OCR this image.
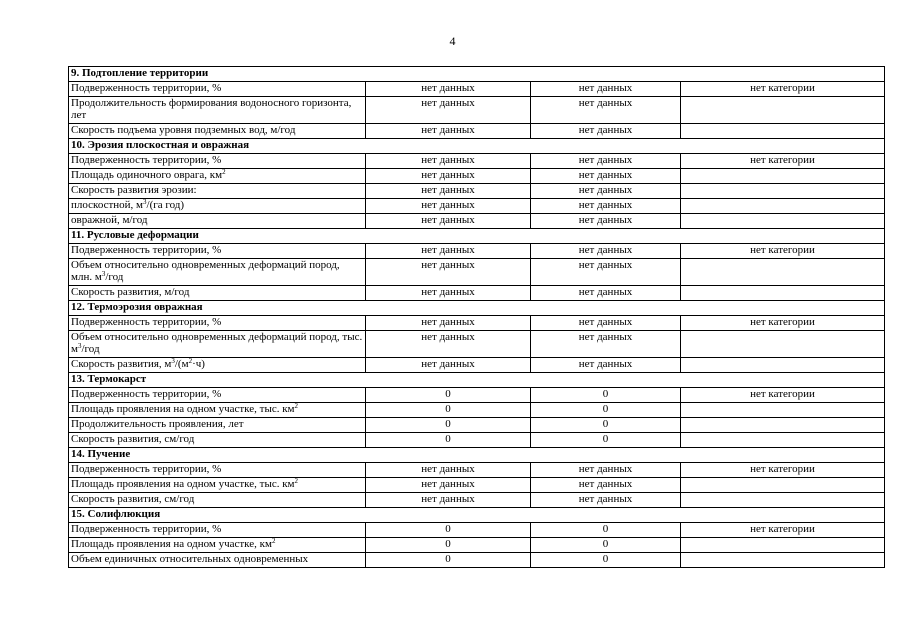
4
9. Подтопление территории			
Подверженность территории, %	нет данных	нет данных	нет категории
Продолжительность формирования водоносного горизонта, лет	нет данных	нет данных	
Скорость подъема уровня подземных вод, м/год	нет данных	нет данных	
10. Эрозия плоскостная и овражная			
Подверженность территории, %	нет данных	нет данных	нет категории
Площадь одиночного оврага, $км^2$	нет данных	нет данных	
Скорость развития эрозии:	нет данных	нет данных	
плоскостной, $м^3/(га$ год)	нет данных	нет данных	
овражной, м/год	нет данных	нет данных	
11. Русловые деформации			
Подверженность территории, %	нет данных	нет данных	нет категории
Объем относительно одновременных деформаций пород, млн. $м^3$/год	нет данных	нет данных	
Скорость развития, м/год	нет данных	нет данных	
12. Термоэрозия овражная			
Подверженность территории, %	нет данных	нет данных	нет категории
Объем относительно одновременных деформаций пород, тыс. $м^3$/год	нет данных	нет данных	
Скорость развития, $м^3/(м^2\cdot ч)$	нет данных	нет данных	
13. Термокарст			
Подверженность территории, %	0	0	нет категории
Площадь проявления на одном участке, тыс. $км^2$	0	0	
Продолжительность проявления, лет	0	0	
Скорость развития, см/год	0	0	
14. Пучение			
Подверженность территории, %	нет данных	нет данных	нет категории
Площадь проявления на одном участке, тыс. $км^2$	нет данных	нет данных	
Скорость развития, см/год	нет данных	нет данных	
15. Солифлюкция			
Подверженность территории, %	0	0	нет категории
Площадь проявления на одном участке, $км^2$	0	0	
Объем единичных относительных одновременных	0	0	
